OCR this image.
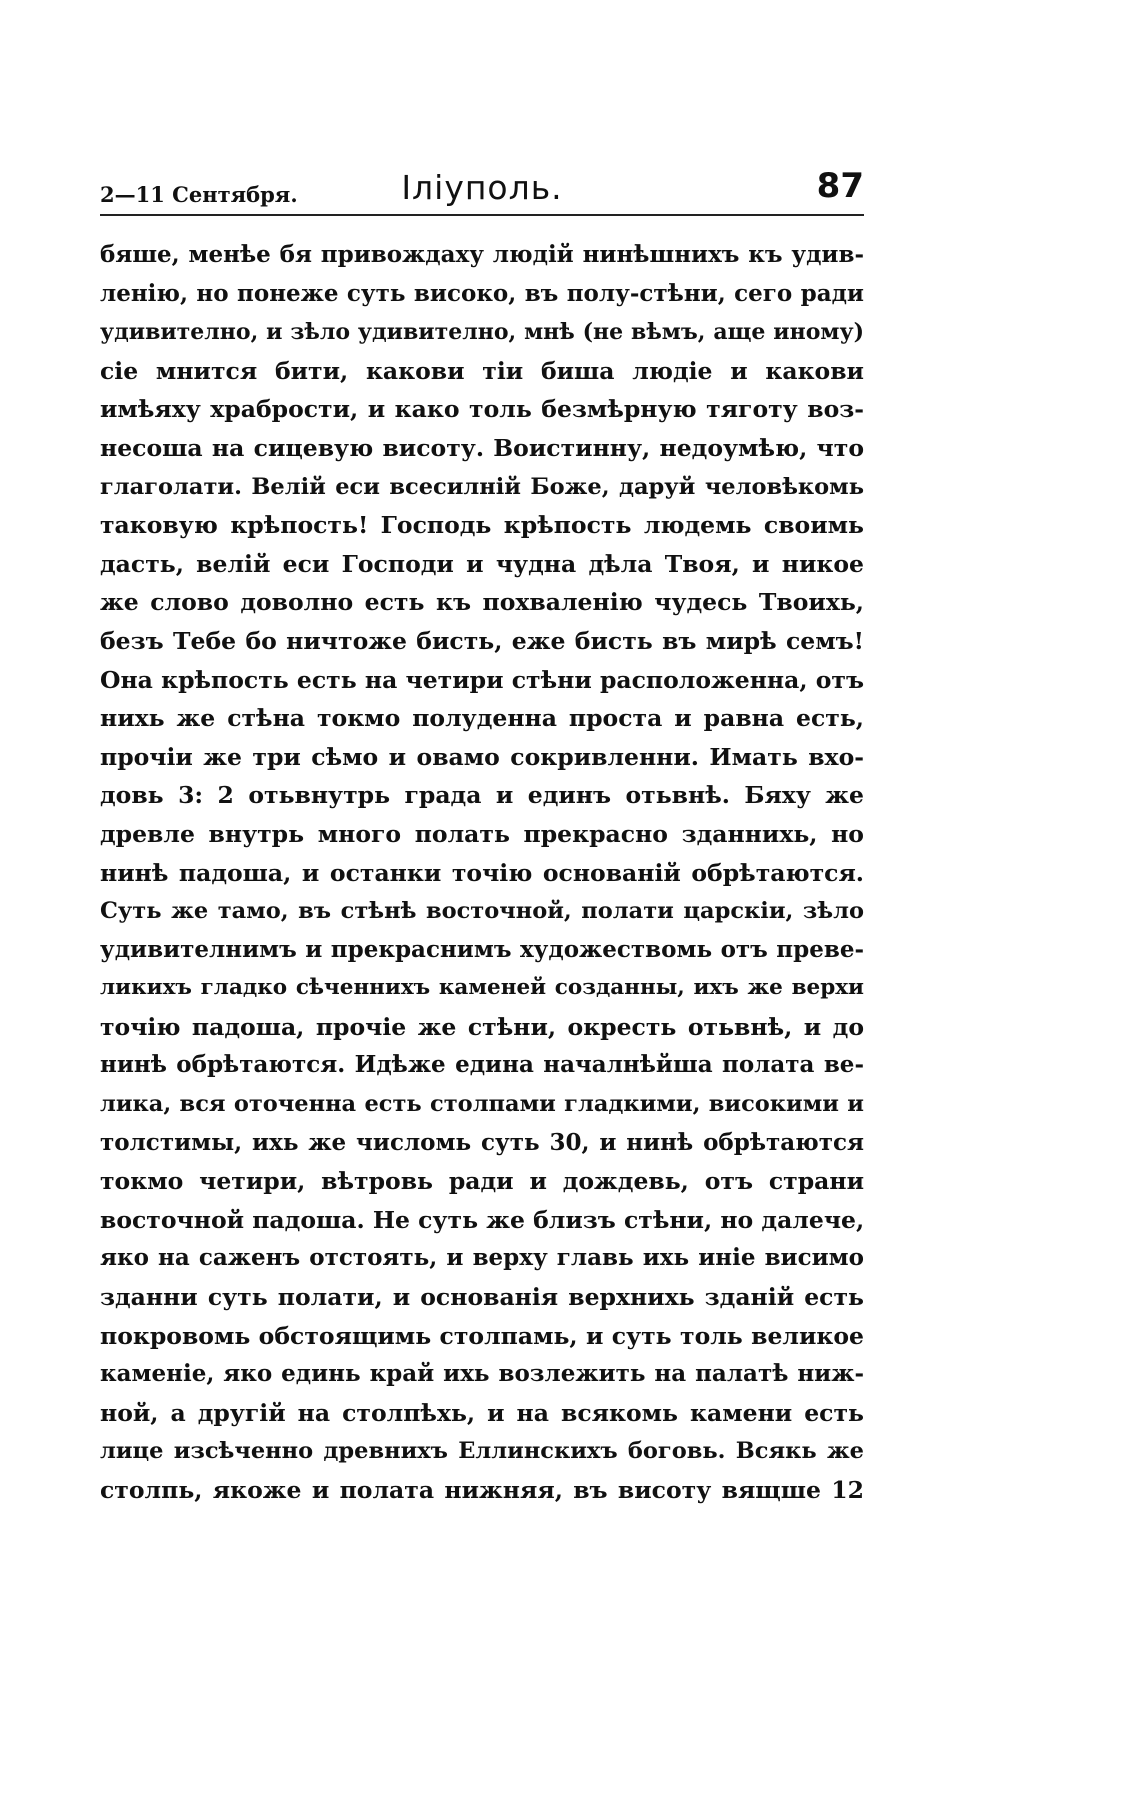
2—11 Сентября.	Іліуполь.	87
бяше, менѣе бя привождаху людій нинѣшнихъ къ удив-
ленію, но понеже суть високо, въ полу-стѣни, сего ради
удивително, и зѣло удивително, мнѣ (не вѣмъ, аще иному)
сіе мнится бити, какови тіи биша людіе и какови
имѣяху храбрости, и како толь безмѣрную тяготу воз-
несоша на сицевую висоту. Воистинну, недоумѣю, что
глаголати. Велій еси всесилній Боже, даруй человѣкомь
таковую крѣпость! Господь крѣпость людемь своимь
дасть, велій еси Господи и чудна дѣла Твоя, и никое
же слово доволно есть къ похваленію чудесь Твоихь,
безъ Тебе бо ничтоже бисть, еже бисть въ мирѣ семъ!
Она крѣпость есть на четири стѣни расположенна, отъ
нихь же стѣна токмо полуденна проста и равна есть,
прочіи же три сѣмо и овамо сокривленни. Имать вхо-
довь 3: 2 отьвнутрь града и единъ отьвнѣ. Бяху же
древле внутрь много полать прекрасно зданнихь, но
нинѣ падоша, и останки точію основаній обрѣтаются.
Суть же тамо, въ стѣнѣ восточной, полати царскіи, зѣло
удивителнимъ и прекраснимъ художествомь отъ преве-
ликихъ гладко сѣченнихъ каменей созданны, ихъ же верхи
точію падоша, прочіе же стѣни, окресть отьвнѣ, и до
нинѣ обрѣтаются. Идѣже едина началнѣйша полата ве-
лика, вся оточенна есть столпами гладкими, високими и
толстимы, ихь же числомь суть 30, и нинѣ обрѣтаются
токмо четири, вѣтровь ради и дождевь, отъ страни
восточной падоша. Не суть же близъ стѣни, но далече,
яко на саженъ отстоять, и верху главь ихь иніе висимо
зданни суть полати, и основанія верхнихь зданій есть
покровомь обстоящимь столпамь, и суть толь великое
каменіе, яко единь край ихь возлежить на палатѣ ниж-
ной, а другій на столпѣхь, и на всякомь камени есть
лице изсѣченно древнихъ Еллинскихъ боговь. Всякь же
столпь, якоже и полата нижняя, въ висоту вящше 12
